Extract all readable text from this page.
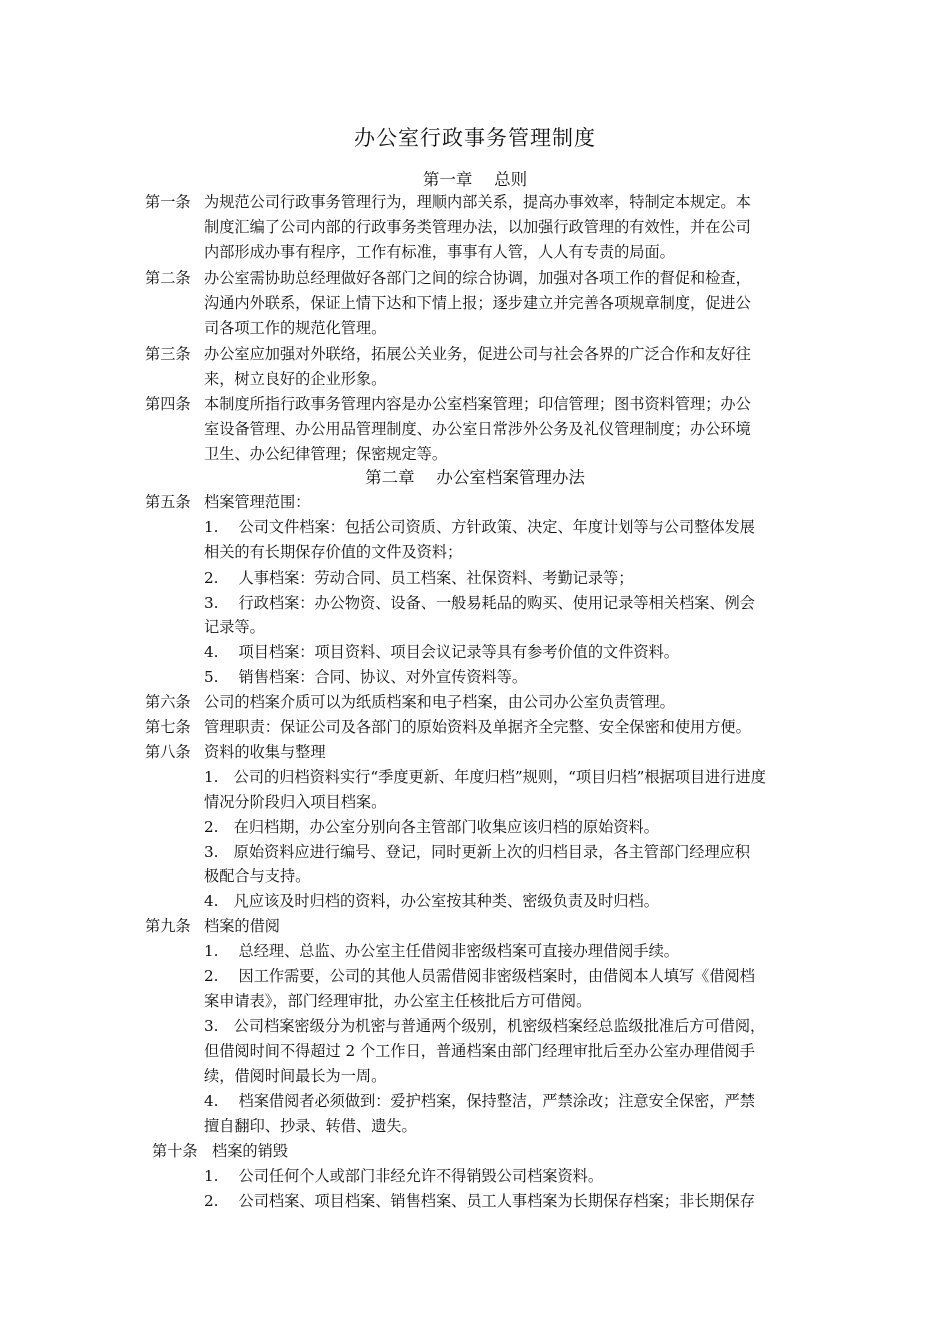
办公室行政事务管理制度
第一章　 总则
第一条 为规范公司行政事务管理行为，理顺内部关系，提高办事效率，特制定本规定。本
制度汇编了公司内部的行政事务类管理办法，以加强行政管理的有效性，并在公司
内部形成办事有程序，工作有标准，事事有人管，人人有专责的局面。
第二条 办公室需协助总经理做好各部门之间的综合协调，加强对各项工作的督促和检查，
沟通内外联系，保证上情下达和下情上报；逐步建立并完善各项规章制度，促进公
司各项工作的规范化管理。
第三条 办公室应加强对外联络，拓展公关业务，促进公司与社会各界的广泛合作和友好往
来，树立良好的企业形象。
第四条 本制度所指行政事务管理内容是办公室档案管理；印信管理；图书资料管理；办公
室设备管理、办公用品管理制度、办公室日常涉外公务及礼仪管理制度；办公环境
卫生、办公纪律管理；保密规定等。
第二章　 办公室档案管理办法
第五条 档案管理范围：
1.　 公司文件档案：包括公司资质、方针政策、决定、年度计划等与公司整体发展
相关的有长期保存价值的文件及资料；
2.　 人事档案：劳动合同、员工档案、社保资料、考勤记录等；
3.　 行政档案：办公物资、设备、一般易耗品的购买、使用记录等相关档案、例会
记录等。
4.　 项目档案：项目资料、项目会议记录等具有参考价值的文件资料。
5.　 销售档案：合同、协议、对外宣传资料等。
第六条 公司的档案介质可以为纸质档案和电子档案，由公司办公室负责管理。
第七条 管理职责：保证公司及各部门的原始资料及单据齐全完整、安全保密和使用方便。
第八条 资料的收集与整理
1.　公司的归档资料实行“季度更新、年度归档”规则，“项目归档”根据项目进行进度
情况分阶段归入项目档案。
2.　在归档期，办公室分别向各主管部门收集应该归档的原始资料。
3.　原始资料应进行编号、登记，同时更新上次的归档目录，各主管部门经理应积
极配合与支持。
4.　凡应该及时归档的资料，办公室按其种类、密级负责及时归档。
第九条 档案的借阅
1.　 总经理、总监、办公室主任借阅非密级档案可直接办理借阅手续。
2.　 因工作需要，公司的其他人员需借阅非密级档案时，由借阅本人填写《借阅档
案申请表》，部门经理审批，办公室主任核批后方可借阅。
3.　公司档案密级分为机密与普通两个级别，机密级档案经总监级批准后方可借阅，
但借阅时间不得超过 2 个工作日，普通档案由部门经理审批后至办公室办理借阅手
续，借阅时间最长为一周。
4.　 档案借阅者必须做到：爱护档案，保持整洁，严禁涂改；注意安全保密，严禁
擅自翻印、抄录、转借、遗失。
第十条 档案的销毁
1.　 公司任何个人或部门非经允许不得销毁公司档案资料。
2.　 公司档案、项目档案、销售档案、员工人事档案为长期保存档案；非长期保存
